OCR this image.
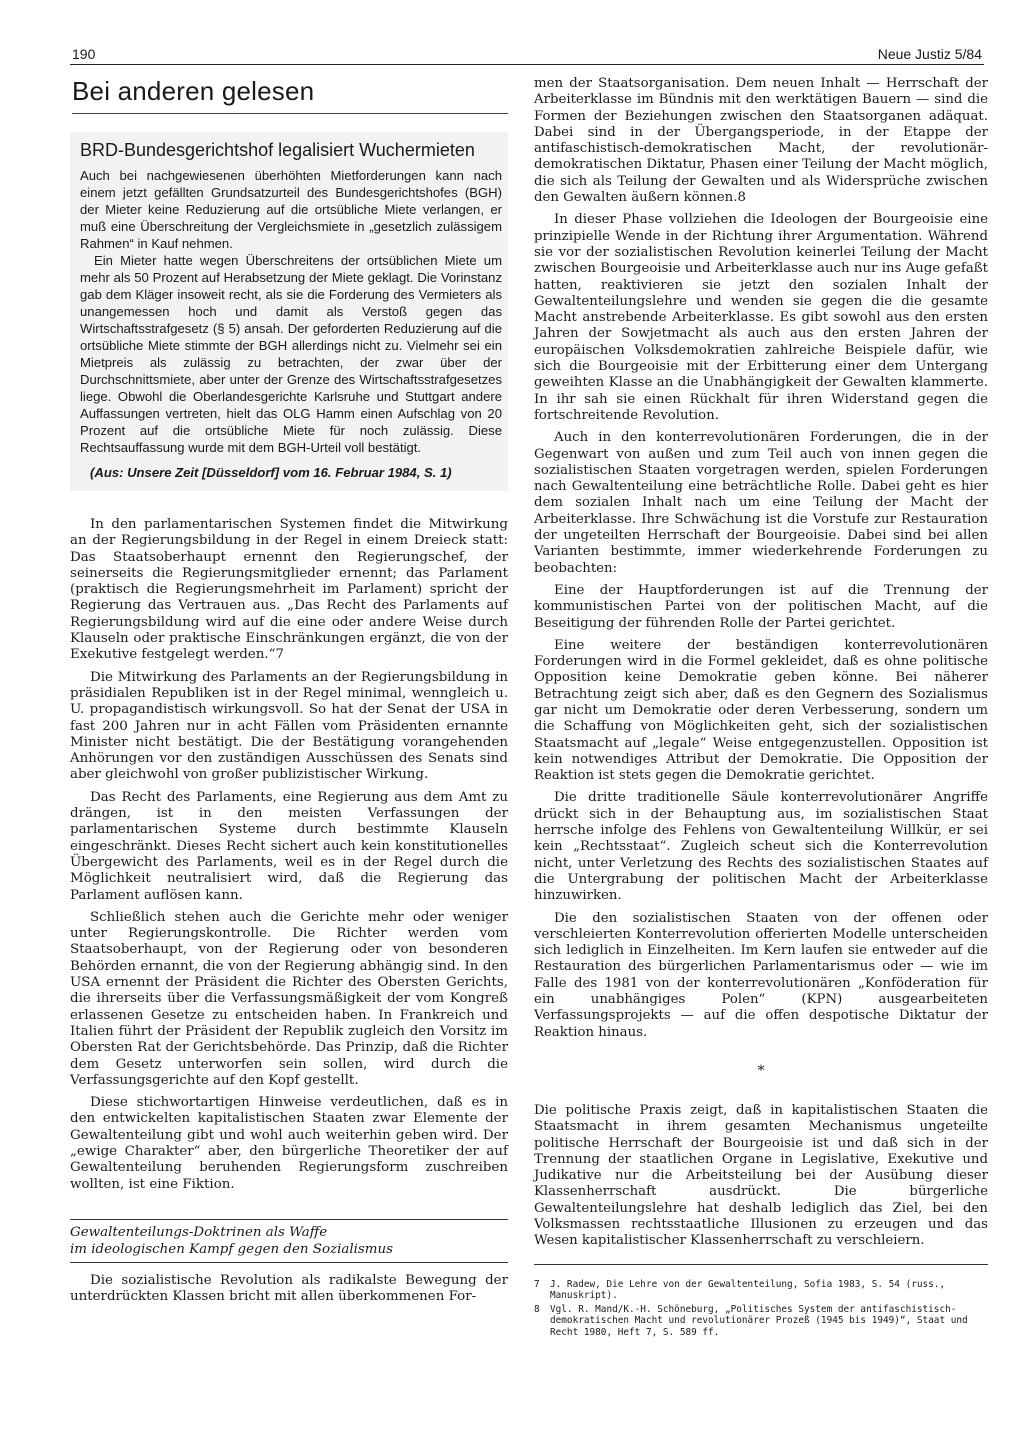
190	Neue Justiz 5/84
Bei anderen gelesen
BRD-Bundesgerichtshof legalisiert Wuchermieten

Auch bei nachgewiesenen überhöhten Mietforderungen kann nach einem jetzt gefällten Grundsatzurteil des Bundesgerichtshofes (BGH) der Mieter keine Reduzierung auf die ortsübliche Miete verlangen, er muß eine Überschreitung der Vergleichsmiete in „gesetzlich zulässigem Rahmen“ in Kauf nehmen.

Ein Mieter hatte wegen Überschreitens der ortsüblichen Miete um mehr als 50 Prozent auf Herabsetzung der Miete geklagt. Die Vorinstanz gab dem Kläger insoweit recht, als sie die Forderung des Vermieters als unangemessen hoch und damit als Verstoß gegen das Wirtschaftsstrafgesetz (§ 5) ansah. Der geforderten Reduzierung auf die ortsübliche Miete stimmte der BGH allerdings nicht zu. Vielmehr sei ein Mietpreis als zulässig zu betrachten, der zwar über der Durchschnittsmiete, aber unter der Grenze des Wirtschaftsstrafgesetzes liege. Obwohl die Oberlandesgerichte Karlsruhe und Stuttgart andere Auffassungen vertreten, hielt das OLG Hamm einen Aufschlag von 20 Prozent auf die ortsübliche Miete für noch zulässig. Diese Rechtsauffassung wurde mit dem BGH-Urteil voll bestätigt.

(Aus: Unsere Zeit [Düsseldorf] vom 16. Februar 1984, S. 1)

In den parlamentarischen Systemen findet die Mitwirkung an der Regierungsbildung in der Regel in einem Dreieck statt: Das Staatsoberhaupt ernennt den Regierungschef, der seinerseits die Regierungsmitglieder ernennt; das Parlament (praktisch die Regierungsmehrheit im Parlament) spricht der Regierung das Vertrauen aus. „Das Recht des Parlaments auf Regierungsbildung wird auf die eine oder andere Weise durch Klauseln oder praktische Einschränkungen ergänzt, die von der Exekutive festgelegt werden.“7

Die Mitwirkung des Parlaments an der Regierungsbildung in präsidialen Republiken ist in der Regel minimal, wenngleich u. U. propagandistisch wirkungsvoll. So hat der Senat der USA in fast 200 Jahren nur in acht Fällen vom Präsidenten ernannte Minister nicht bestätigt. Die der Bestätigung vorangehenden Anhörungen vor den zuständigen Ausschüssen des Senats sind aber gleichwohl von großer publizistischer Wirkung.

Das Recht des Parlaments, eine Regierung aus dem Amt zu drängen, ist in den meisten Verfassungen der parlamentarischen Systeme durch bestimmte Klauseln eingeschränkt. Dieses Recht sichert auch kein konstitutionelles Übergewicht des Parlaments, weil es in der Regel durch die Möglichkeit neutralisiert wird, daß die Regierung das Parlament auflösen kann.

Schließlich stehen auch die Gerichte mehr oder weniger unter Regierungskontrolle. Die Richter werden vom Staatsoberhaupt, von der Regierung oder von besonderen Behörden ernannt, die von der Regierung abhängig sind. In den USA ernennt der Präsident die Richter des Obersten Gerichts, die ihrerseits über die Verfassungsmäßigkeit der vom Kongreß erlassenen Gesetze zu entscheiden haben. In Frankreich und Italien führt der Präsident der Republik zugleich den Vorsitz im Obersten Rat der Gerichtsbehörde. Das Prinzip, daß die Richter dem Gesetz unterworfen sein sollen, wird durch die Verfassungsgerichte auf den Kopf gestellt.

Diese stichwortartigen Hinweise verdeutlichen, daß es in den entwickelten kapitalistischen Staaten zwar Elemente der Gewaltenteilung gibt und wohl auch weiterhin geben wird. Der „ewige Charakter“ aber, den bürgerliche Theoretiker der auf Gewaltenteilung beruhenden Regierungsform zuschreiben wollten, ist eine Fiktion.

Gewaltenteilungs-Doktrinen als Waffe
im ideologischen Kampf gegen den Sozialismus

Die sozialistische Revolution als radikalste Bewegung der unterdrückten Klassen bricht mit allen überkommenen For-

men der Staatsorganisation. Dem neuen Inhalt — Herrschaft der Arbeiterklasse im Bündnis mit den werktätigen Bauern — sind die Formen der Beziehungen zwischen den Staatsorganen adäquat. Dabei sind in der Übergangsperiode, in der Etappe der antifaschistisch-demokratischen Macht, der revolutionär-demokratischen Diktatur, Phasen einer Teilung der Macht möglich, die sich als Teilung der Gewalten und als Widersprüche zwischen den Gewalten äußern können.8

In dieser Phase vollziehen die Ideologen der Bourgeoisie eine prinzipielle Wende in der Richtung ihrer Argumentation. Während sie vor der sozialistischen Revolution keinerlei Teilung der Macht zwischen Bourgeoisie und Arbeiterklasse auch nur ins Auge gefaßt hatten, reaktivieren sie jetzt den sozialen Inhalt der Gewaltenteilungslehre und wenden sie gegen die die gesamte Macht anstrebende Arbeiterklasse. Es gibt sowohl aus den ersten Jahren der Sowjetmacht als auch aus den ersten Jahren der europäischen Volksdemokratien zahlreiche Beispiele dafür, wie sich die Bourgeoisie mit der Erbitterung einer dem Untergang geweihten Klasse an die Unabhängigkeit der Gewalten klammerte. In ihr sah sie einen Rückhalt für ihren Widerstand gegen die fortschreitende Revolution.

Auch in den konterrevolutionären Forderungen, die in der Gegenwart von außen und zum Teil auch von innen gegen die sozialistischen Staaten vorgetragen werden, spielen Forderungen nach Gewaltenteilung eine beträchtliche Rolle. Dabei geht es hier dem sozialen Inhalt nach um eine Teilung der Macht der Arbeiterklasse. Ihre Schwächung ist die Vorstufe zur Restauration der ungeteilten Herrschaft der Bourgeoisie. Dabei sind bei allen Varianten bestimmte, immer wiederkehrende Forderungen zu beobachten:

Eine der Hauptforderungen ist auf die Trennung der kommunistischen Partei von der politischen Macht, auf die Beseitigung der führenden Rolle der Partei gerichtet.

Eine weitere der beständigen konterrevolutionären Forderungen wird in die Formel gekleidet, daß es ohne politische Opposition keine Demokratie geben könne. Bei näherer Betrachtung zeigt sich aber, daß es den Gegnern des Sozialismus gar nicht um Demokratie oder deren Verbesserung, sondern um die Schaffung von Möglichkeiten geht, sich der sozialistischen Staatsmacht auf „legale“ Weise entgegenzustellen. Opposition ist kein notwendiges Attribut der Demokratie. Die Opposition der Reaktion ist stets gegen die Demokratie gerichtet.

Die dritte traditionelle Säule konterrevolutionärer Angriffe drückt sich in der Behauptung aus, im sozialistischen Staat herrsche infolge des Fehlens von Gewaltenteilung Willkür, er sei kein „Rechtsstaat“. Zugleich scheut sich die Konterrevolution nicht, unter Verletzung des Rechts des sozialistischen Staates auf die Untergrabung der politischen Macht der Arbeiterklasse hinzuwirken.

Die den sozialistischen Staaten von der offenen oder verschleierten Konterrevolution offerierten Modelle unterscheiden sich lediglich in Einzelheiten. Im Kern laufen sie entweder auf die Restauration des bürgerlichen Parlamentarismus oder — wie im Falle des 1981 von der konterrevolutionären „Konföderation für ein unabhängiges Polen“ (KPN) ausgearbeiteten Verfassungsprojekts — auf die offen despotische Diktatur der Reaktion hinaus.

*

Die politische Praxis zeigt, daß in kapitalistischen Staaten die Staatsmacht in ihrem gesamten Mechanismus ungeteilte politische Herrschaft der Bourgeoisie ist und daß sich in der Trennung der staatlichen Organe in Legislative, Exekutive und Judikative nur die Arbeitsteilung bei der Ausübung dieser Klassenherrschaft ausdrückt. Die bürgerliche Gewaltenteilungslehre hat deshalb lediglich das Ziel, bei den Volksmassen rechtsstaatliche Illusionen zu erzeugen und das Wesen kapitalistischer Klassenherrschaft zu verschleiern.

7	J. Radew, Die Lehre von der Gewaltenteilung, Sofia 1983, S. 54 (russ., Manuskript).
8	Vgl. R. Mand/K.-H. Schöneburg, „Politisches System der antifaschistisch-demokratischen Macht und revolutionärer Prozeß (1945 bis 1949)“, Staat und Recht 1980, Heft 7, S. 589 ff.
